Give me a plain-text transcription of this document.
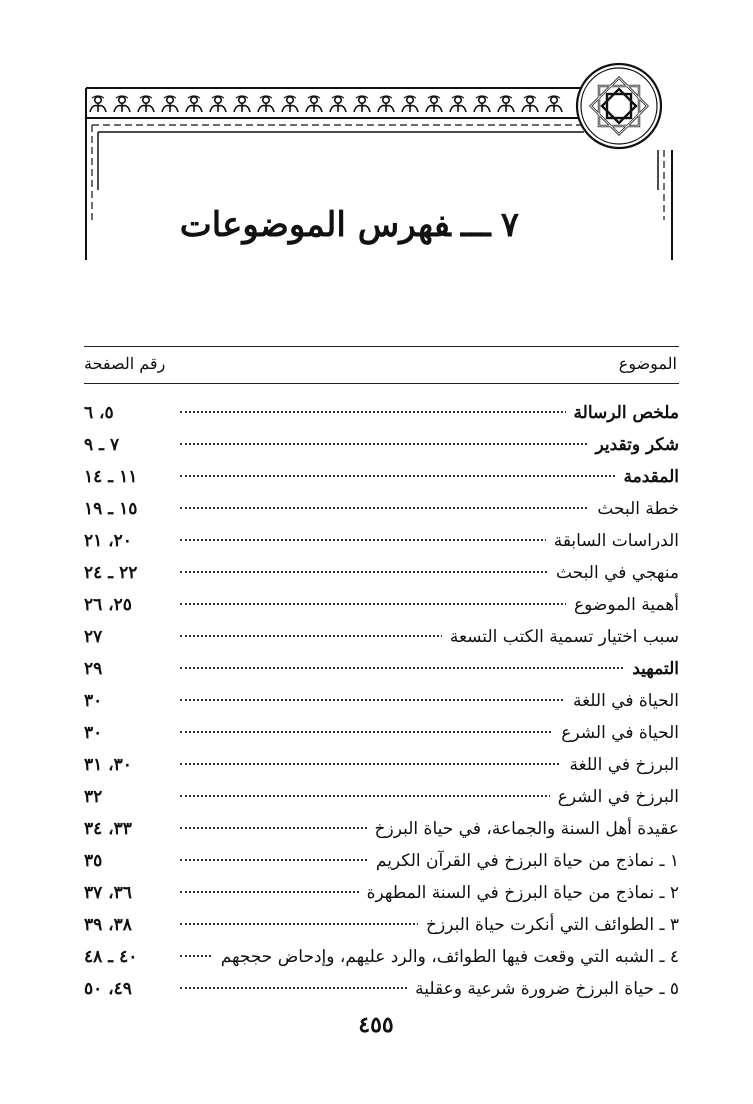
٧ـــفهرس الموضوعات
الموضوع
رقم الصفحة
ملخص الرسالة
٥، ٦
شكر وتقدير
٧ ـ ٩
المقدمة
١١ ـ ١٤
خطة البحث
١٥ ـ ١٩
الدراسات السابقة
٢٠، ٢١
منهجي في البحث
٢٢ ـ ٢٤
أهمية الموضوع
٢٥، ٢٦
سبب اختيار تسمية الكتب التسعة
٢٧
التمهيد
٢٩
الحياة في اللغة
٣٠
الحياة في الشرع
٣٠
البرزخ في اللغة
٣٠، ٣١
البرزخ في الشرع
٣٢
عقيدة أهل السنة والجماعة، في حياة البرزخ
٣٣، ٣٤
١ ـ نماذج من حياة البرزخ في القرآن الكريم
٣٥
٢ ـ نماذج من حياة البرزخ في السنة المطهرة
٣٦، ٣٧
٣ ـ الطوائف التي أنكرت حياة البرزخ
٣٨، ٣٩
٤ ـ الشبه التي وقعت فيها الطوائف، والرد عليهم، وإدحاض حججهم
٤٠ ـ ٤٨
٥ ـ حياة البرزخ ضرورة شرعية وعقلية
٤٩، ٥٠
٤٥٥
